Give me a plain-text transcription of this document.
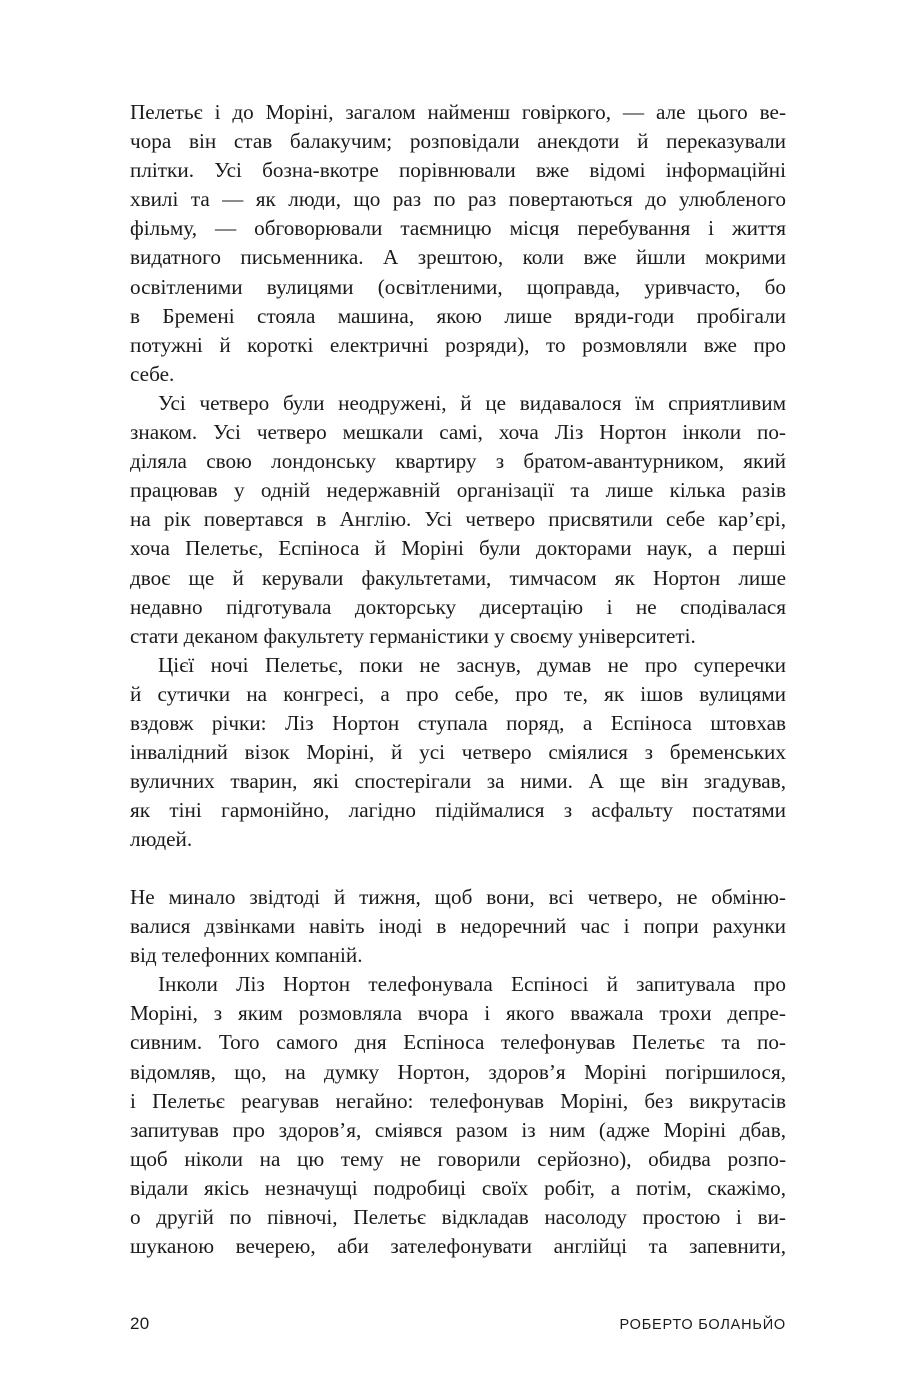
Пелетьє і до Моріні, загалом найменш говіркого, — але цього ве-
чора він став балакучим; розповідали анекдоти й переказували
плітки. Усі бозна-вкотре порівнювали вже відомі інформаційні
хвилі та — як люди, що раз по раз повертаються до улюбленого
фільму, — обговорювали таємницю місця перебування і життя
видатного письменника. А зрештою, коли вже йшли мокрими
освітленими вулицями (освітленими, щоправда, уривчасто, бо
в Бремені стояла машина, якою лише вряди-годи пробігали
потужні й короткі електричні розряди), то розмовляли вже про
себе.
Усі четверо були неодружені, й це видавалося їм сприятливим
знаком. Усі четверо мешкали самі, хоча Ліз Нортон інколи по-
діляла свою лондонську квартиру з братом-авантурником, який
працював у одній недержавній організації та лише кілька разів
на рік повертався в Англію. Усі четверо присвятили себе кар’єрі,
хоча Пелетьє, Еспіноса й Моріні були докторами наук, а перші
двоє ще й керували факультетами, тимчасом як Нортон лише
недавно підготувала докторську дисертацію і не сподівалася
стати деканом факультету германістики у своєму університеті.
Цієї ночі Пелетьє, поки не заснув, думав не про суперечки
й сутички на конгресі, а про себе, про те, як ішов вулицями
вздовж річки: Ліз Нортон ступала поряд, а Еспіноса штовхав
інвалідний візок Моріні, й усі четверо сміялися з бременських
вуличних тварин, які спостерігали за ними. А ще він згадував,
як тіні гармонійно, лагідно підіймалися з асфальту постатями
людей.
Не минало звідтоді й тижня, щоб вони, всі четверо, не обміню-
валися дзвінками навіть іноді в недоречний час і попри рахунки
від телефонних компаній.
Інколи Ліз Нортон телефонувала Еспіносі й запитувала про
Моріні, з яким розмовляла вчора і якого вважала трохи депре-
сивним. Того самого дня Еспіноса телефонував Пелетьє та по-
відомляв, що, на думку Нортон, здоров’я Моріні погіршилося,
і Пелетьє реагував негайно: телефонував Моріні, без викрутасів
запитував про здоров’я, сміявся разом із ним (адже Моріні дбав,
щоб ніколи на цю тему не говорили серйозно), обидва розпо-
відали якісь незначущі подробиці своїх робіт, а потім, скажімо,
о другій по півночі, Пелетьє відкладав насолоду простою і ви-
шуканою вечерею, аби зателефонувати англійці та запевнити,
20	РОБЕРТО БОЛАНЬЙО
